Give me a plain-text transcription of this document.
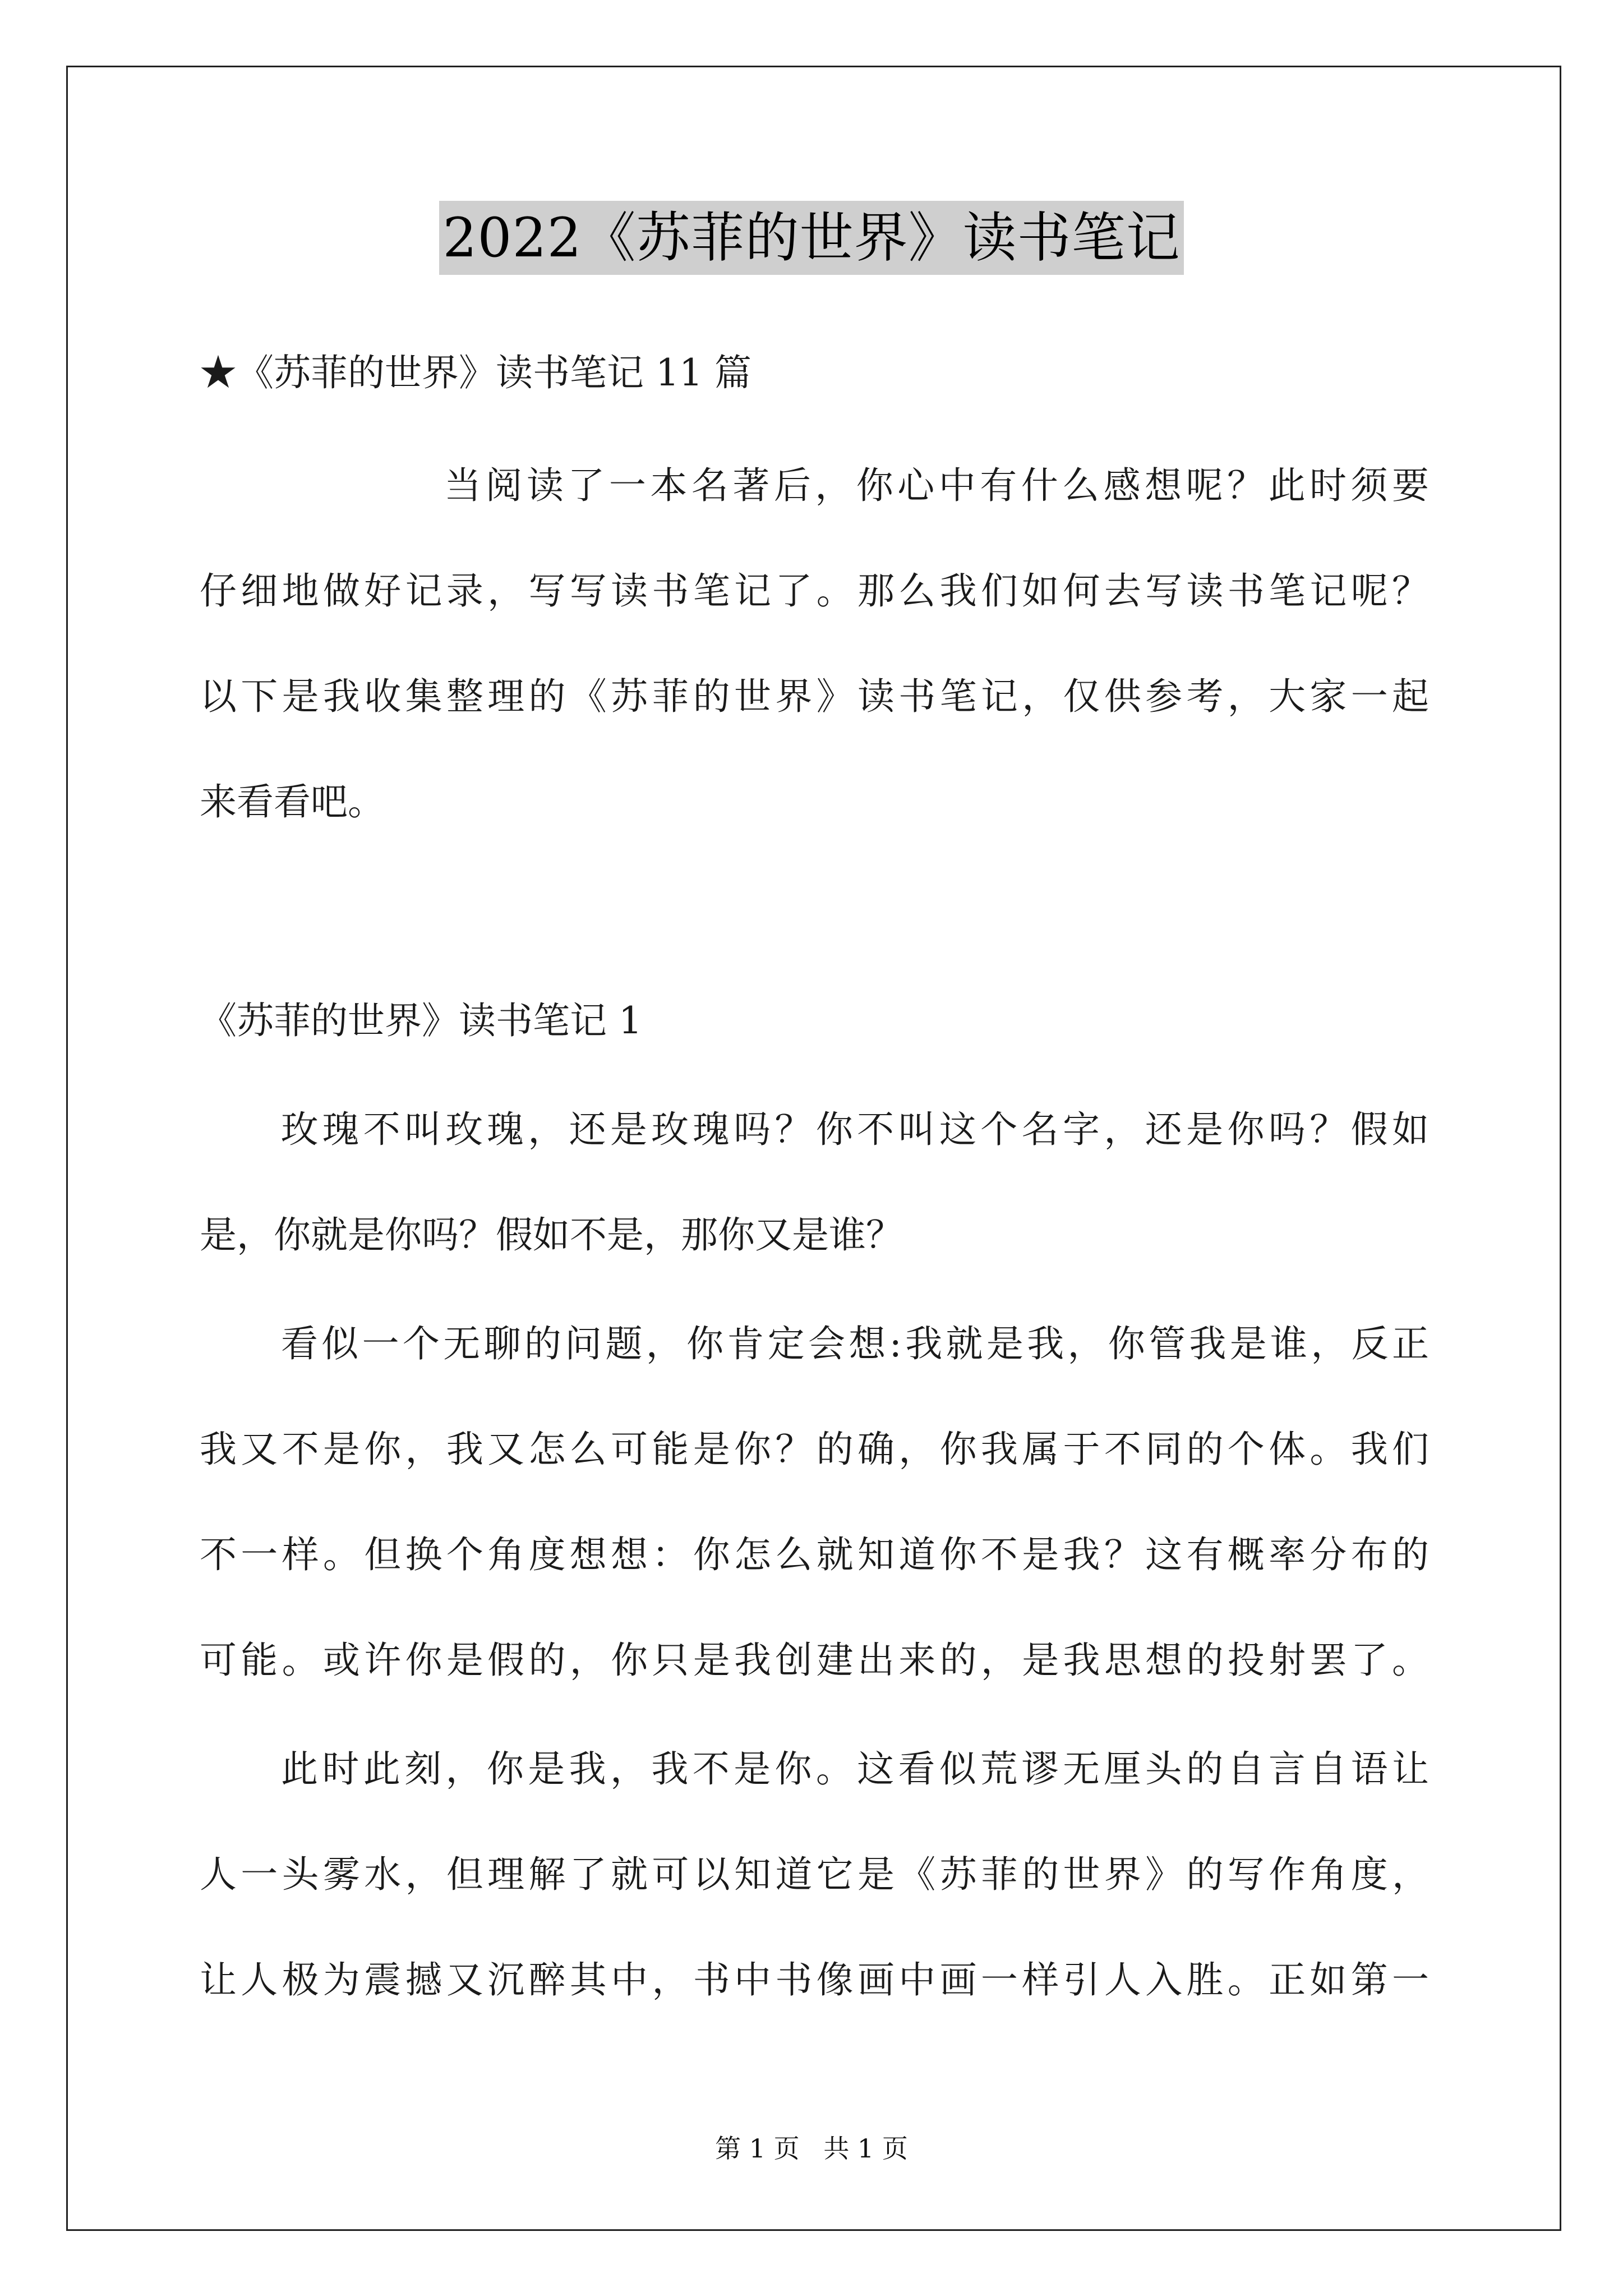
2022《苏菲的世界》读书笔记
★《苏菲的世界》读书笔记 11 篇
当阅读了一本名著后，你心中有什么感想呢？此时须要
仔细地做好记录，写写读书笔记了。那么我们如何去写读书笔记呢？
以下是我收集整理的《苏菲的世界》读书笔记，仅供参考，大家一起
来看看吧。
《苏菲的世界》读书笔记 1
玫瑰不叫玫瑰，还是玫瑰吗？你不叫这个名字，还是你吗？假如
是，你就是你吗？假如不是，那你又是谁？
看似一个无聊的问题，你肯定会想:我就是我，你管我是谁，反正
我又不是你，我又怎么可能是你？的确，你我属于不同的个体。我们
不一样。但换个角度想想：你怎么就知道你不是我？这有概率分布的
可能。或许你是假的，你只是我创建出来的，是我思想的投射罢了。
此时此刻，你是我，我不是你。这看似荒谬无厘头的自言自语让
人一头雾水，但理解了就可以知道它是《苏菲的世界》的写作角度，
让人极为震撼又沉醉其中，书中书像画中画一样引人入胜。正如第一
第 1 页 共 1 页
